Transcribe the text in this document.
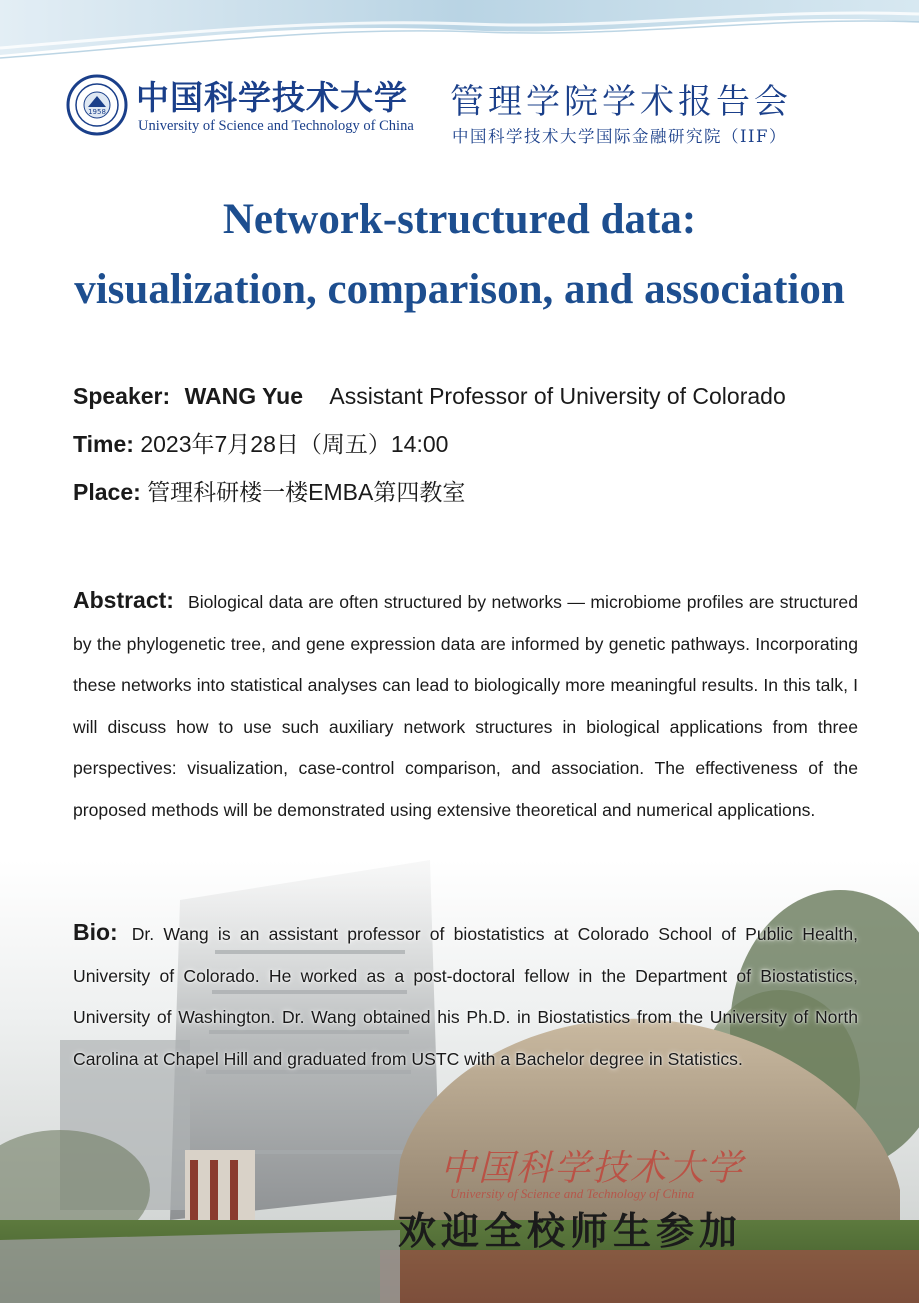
1958 中国科学技术大学
University of Science and Technology of China
管理学院学术报告会
中国科学技术大学国际金融研究院（IIF）
Network-structured data:
visualization, comparison, and association
Speaker: WANG Yue Assistant Professor of University of Colorado
Time: 2023年7月28日（周五）14:00
Place: 管理科研楼一楼EMBA第四教室
Abstract: Biological data are often structured by networks — microbiome profiles are structured by the phylogenetic tree, and gene expression data are informed by genetic pathways. Incorporating these networks into statistical analyses can lead to biologically more meaningful results. In this talk, I will discuss how to use such auxiliary network structures in biological applications from three perspectives: visualization, case-control comparison, and association. The effectiveness of the proposed methods will be demonstrated using extensive theoretical and numerical applications.
Bio: Dr. Wang is an assistant professor of biostatistics at Colorado School of Public Health, University of Colorado. He worked as a post-doctoral fellow in the Department of Biostatistics, University of Washington. Dr. Wang obtained his Ph.D. in Biostatistics from the University of North Carolina at Chapel Hill and graduated from USTC with a Bachelor degree in Statistics.
中国科学技术大学
University of Science and Technology of China
欢迎全校师生参加
